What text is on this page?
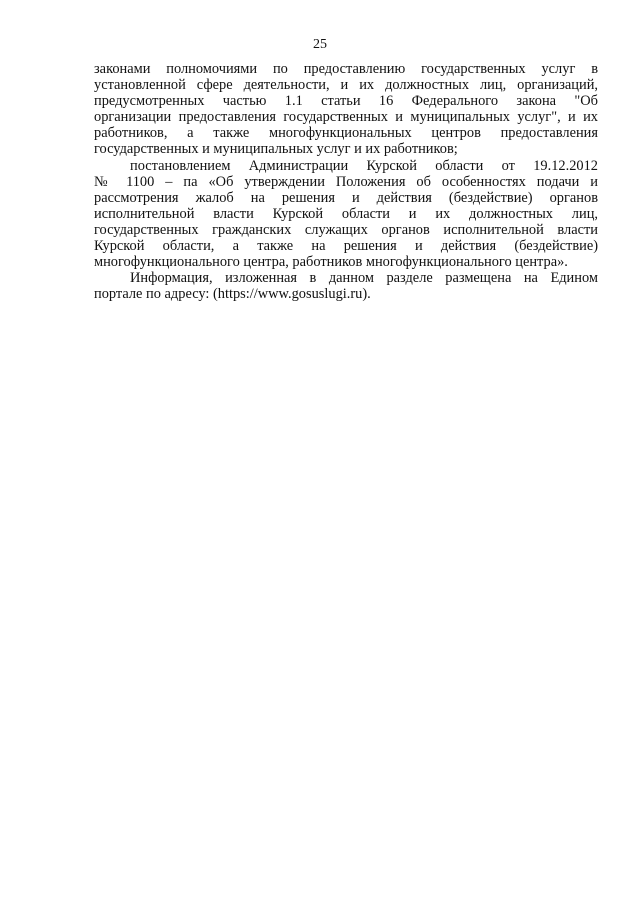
25

законами полномочиями по предоставлению государственных услуг в
установленной сфере деятельности, и их должностных лиц, организаций,
предусмотренных частью 1.1 статьи 16 Федерального закона "Об
организации предоставления государственных и муниципальных услуг", и их
работников, а также многофункциональных центров предоставления
государственных и муниципальных услуг и их работников;

постановлением Администрации Курской области от 19.12.2012
№ 1100 – па «Об утверждении Положения об особенностях подачи и
рассмотрения жалоб на решения и действия (бездействие) органов
исполнительной власти Курской области и их должностных лиц,
государственных гражданских служащих органов исполнительной власти
Курской области, а также на решения и действия (бездействие)
многофункционального центра, работников многофункционального центра».

Информация, изложенная в данном разделе размещена на Едином
портале по адресу: (https://www.gosuslugi.ru).
